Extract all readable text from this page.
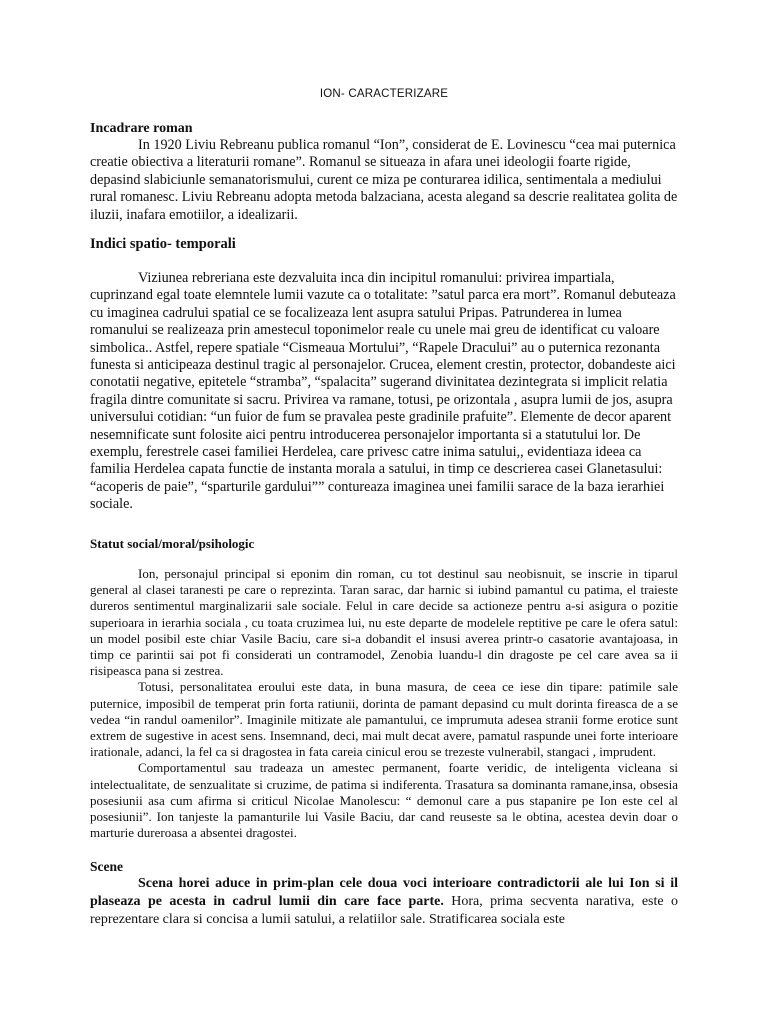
ION- CARACTERIZARE
Incadrare roman

In 1920 Liviu Rebreanu publica romanul “Ion”, considerat de E. Lovinescu “cea mai puternica creatie obiectiva a literaturii romane”. Romanul se situeaza in afara unei ideologii foarte rigide, depasind slabiciunle semanatorismului, curent ce miza pe conturarea idilica, sentimentala a mediului rural romanesc. Liviu Rebreanu adopta metoda balzaciana, acesta alegand sa descrie realitatea golita de iluzii, inafara emotiilor, a idealizarii.

Indici spatio- temporali

Viziunea rebreriana este dezvaluita inca din incipitul romanului: privirea impartiala, cuprinzand egal toate elemntele lumii vazute ca o totalitate: ”satul parca era mort”. Romanul debuteaza cu imaginea cadrului spatial ce se focalizeaza lent asupra satului Pripas. Patrunderea in lumea romanului se realizeaza prin amestecul toponimelor reale cu unele mai greu de identificat cu valoare simbolica.. Astfel, repere spatiale “Cismeaua Mortului”, “Rapele Dracului” au o puternica rezonanta funesta si anticipeaza destinul tragic al personajelor. Crucea, element crestin, protector, dobandeste aici conotatii negative, epitetele “stramba”, “spalacita” sugerand divinitatea dezintegrata si implicit relatia fragila dintre comunitate si sacru. Privirea va ramane, totusi, pe orizontala , asupra lumii de jos, asupra universului cotidian: “un fuior de fum se pravalea peste gradinile prafuite”. Elemente de decor aparent nesemnificate sunt folosite aici pentru introducerea personajelor importanta si a statutului lor. De exemplu, ferestrele casei familiei Herdelea, care privesc catre inima satului,, evidentiaza ideea ca familia Herdelea capata functie de instanta morala a satului, in timp ce descrierea casei Glanetasului: “acoperis de paie”, “sparturile gardului”” contureaza imaginea unei familii sarace de la baza ierarhiei sociale.

Statut social/moral/psihologic

Ion, personajul principal si eponim din roman, cu tot destinul sau neobisnuit, se inscrie in tiparul general al clasei taranesti pe care o reprezinta. Taran sarac, dar harnic si iubind pamantul cu patima, el traieste dureros sentimentul marginalizarii sale sociale. Felul in care decide sa actioneze pentru a-si asigura o pozitie superioara in ierarhia sociala , cu toata cruzimea lui, nu este departe de modelele reptitive pe care le ofera satul: un model posibil este chiar Vasile Baciu, care si-a dobandit el insusi averea printr-o casatorie avantajoasa, in timp ce parintii sai pot fi considerati un contramodel, Zenobia luandu-l din dragoste pe cel care avea sa ii risipeasca pana si zestrea.

Totusi, personalitatea eroului este data, in buna masura, de ceea ce iese din tipare: patimile sale puternice, imposibil de temperat prin forta ratiunii, dorinta de pamant depasind cu mult dorinta fireasca de a se vedea “in randul oamenilor”. Imaginile mitizate ale pamantului, ce imprumuta adesea stranii forme erotice sunt extrem de sugestive in acest sens. Insemnand, deci, mai mult decat avere, pamatul raspunde unei forte interioare irationale, adanci, la fel ca si dragostea in fata careia cinicul erou se trezeste vulnerabil, stangaci , imprudent.

Comportamentul sau tradeaza un amestec permanent, foarte veridic, de inteligenta vicleana si intelectualitate, de senzualitate si cruzime, de patima si indiferenta. Trasatura sa dominanta ramane,insa, obsesia posesiunii asa cum afirma si criticul Nicolae Manolescu: “ demonul care a pus stapanire pe Ion este cel al posesiunii”. Ion tanjeste la pamanturile lui Vasile Baciu, dar cand reuseste sa le obtina, acestea devin doar o marturie dureroasa a absentei dragostei.

Scene

Scena horei aduce in prim-plan cele doua voci interioare contradictorii ale lui Ion si il plaseaza pe acesta in cadrul lumii din care face parte. Hora, prima secventa narativa, este o reprezentare clara si concisa a lumii satului, a relatiilor sale. Stratificarea sociala este
